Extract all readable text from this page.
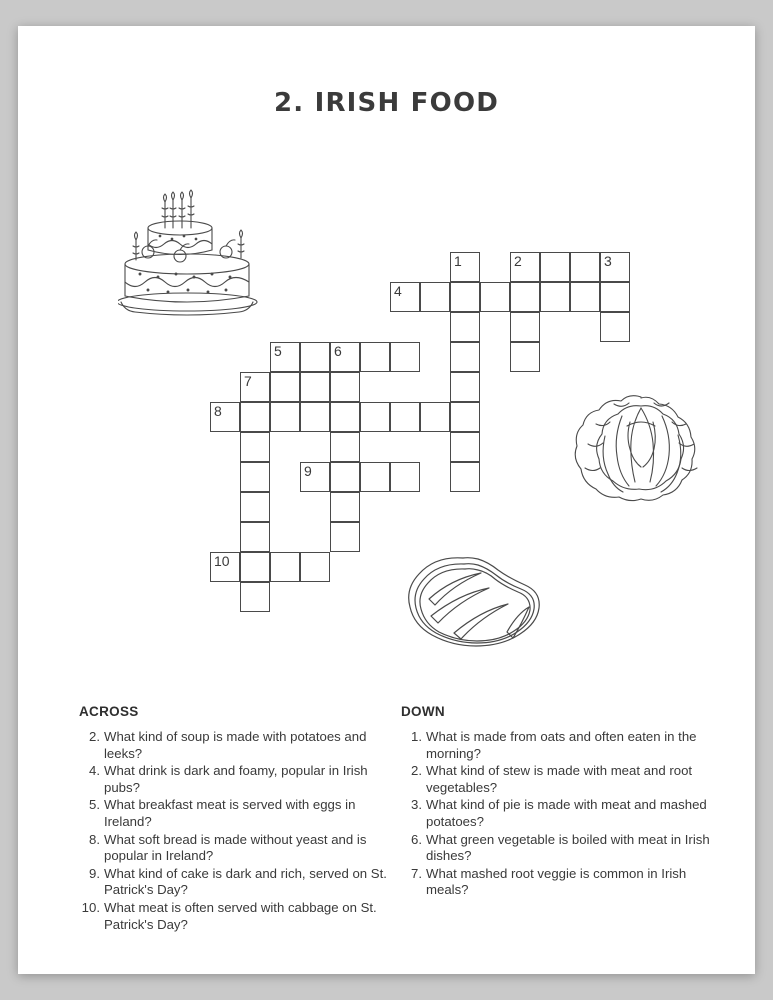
2. IRISH FOOD
1	2	3
4
5	6
7
8
9
10
ACROSS
2. What kind of soup is made with potatoes and leeks?
4. What drink is dark and foamy, popular in Irish pubs?
5. What breakfast meat is served with eggs in Ireland?
8. What soft bread is made without yeast and is popular in Ireland?
9. What kind of cake is dark and rich, served on St. Patrick's Day?
10. What meat is often served with cabbage on St. Patrick's Day?
DOWN
1. What is made from oats and often eaten in the morning?
2. What kind of stew is made with meat and root vegetables?
3. What kind of pie is made with meat and mashed potatoes?
6. What green vegetable is boiled with meat in Irish dishes?
7. What mashed root veggie is common in Irish meals?
